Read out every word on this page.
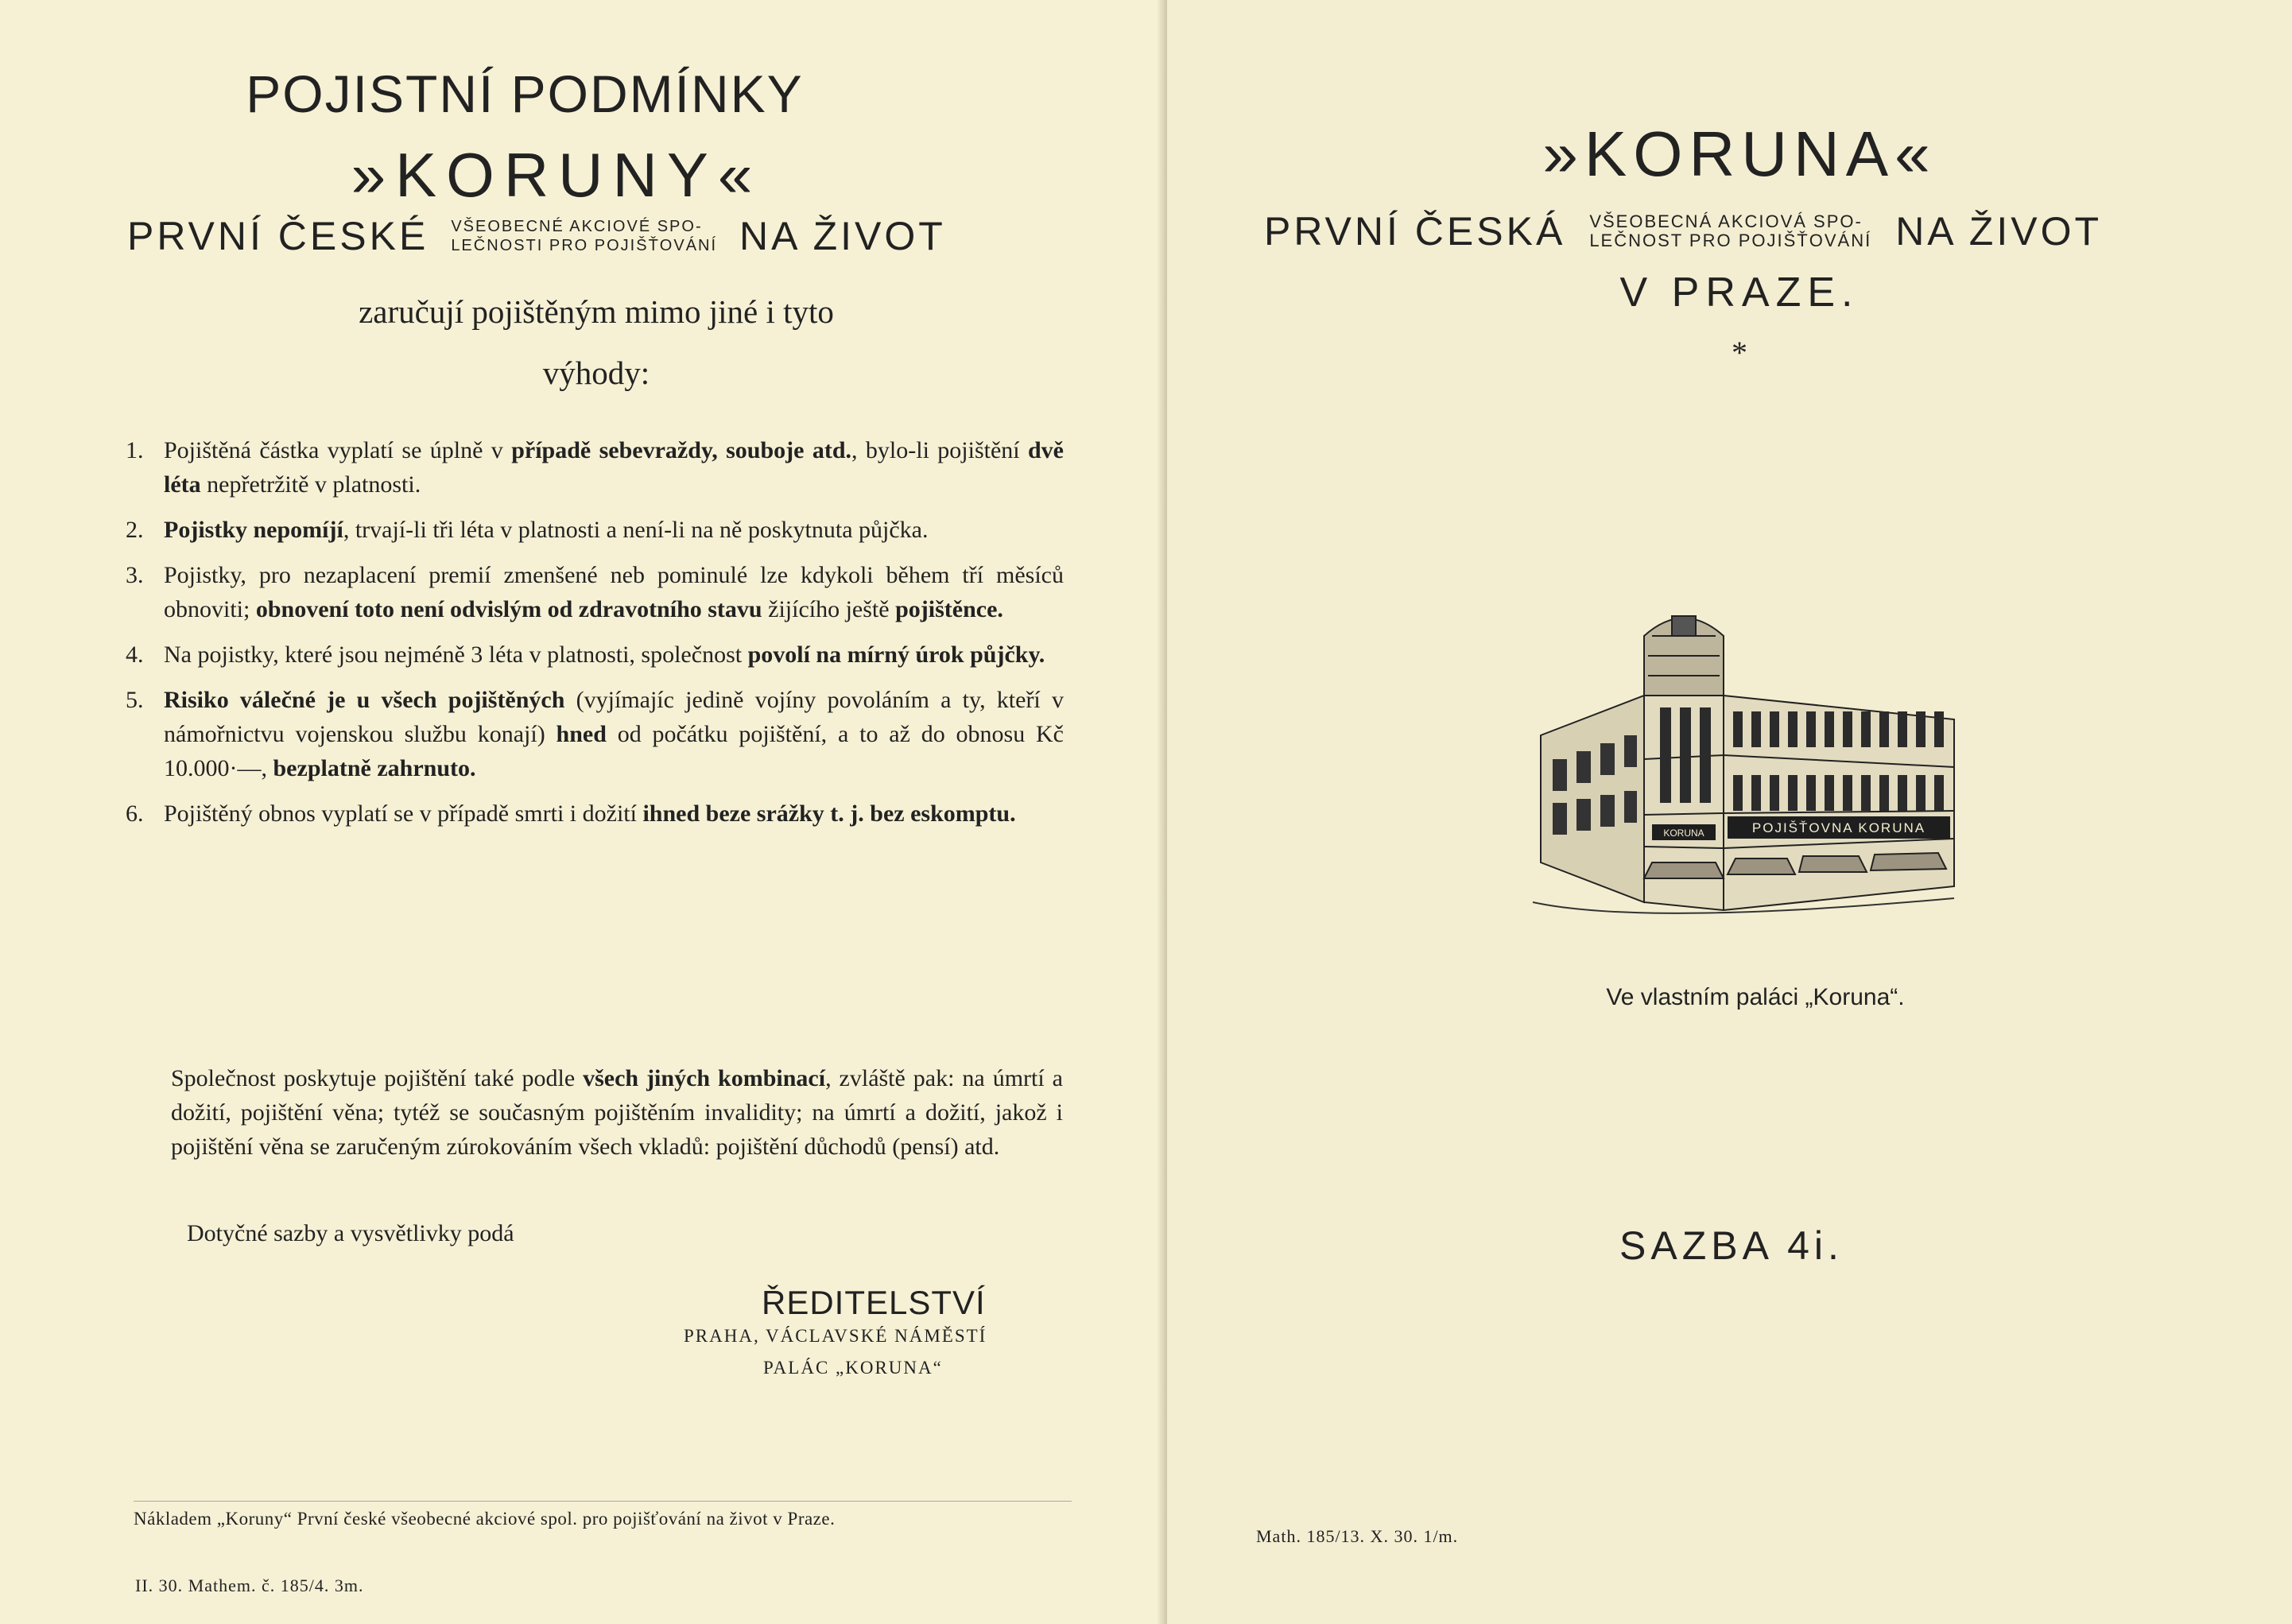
POJISTNÍ PODMÍNKY
»KORUNY«
PRVNÍ ČESKÉ VŠEOBECNÉ AKCIOVÉ SPO-
LEČNOSTI PRO POJIŠŤOVÁNÍ NA ŽIVOT
zaručují pojištěným mimo jiné i tyto
výhody:
1. Pojištěná částka vyplatí se úplně v případě sebevraždy, souboje atd., bylo-li pojištění dvě léta nepřetržitě v platnosti.
2. Pojistky nepomíjí, trvají-li tři léta v platnosti a není-li na ně poskytnuta půjčka.
3. Pojistky, pro nezaplacení premií zmenšené neb pominulé lze kdykoli během tří měsíců obnoviti; obnovení toto není odvislým od zdravotního stavu žijícího ještě pojištěnce.
4. Na pojistky, které jsou nejméně 3 léta v platnosti, společnost povolí na mírný úrok půjčky.
5. Risiko válečné je u všech pojištěných (vyjímajíc jedině vojíny povoláním a ty, kteří v námořnictvu vojenskou službu konají) hned od počátku pojištění, a to až do obnosu Kč 10.000·—, bezplatně zahrnuto.
6. Pojištěný obnos vyplatí se v případě smrti i dožití ihned beze srážky t. j. bez eskomptu.
Společnost poskytuje pojištění také podle všech jiných kombinací, zvláště pak: na úmrtí a dožití, pojištění věna; tytéž se současným pojištěním invalidity; na úmrtí a dožití, jakož i pojištění věna se zaručeným zúrokováním všech vkladů: pojištění důchodů (pensí) atd.
Dotyčné sazby a vysvětlivky podá
ŘEDITELSTVÍ
PRAHA, VÁCLAVSKÉ NÁMĚSTÍ
PALÁC „KORUNA“
Nákladem „Koruny“ První české všeobecné akciové spol. pro pojišťování na život v Praze.
II. 30. Mathem. č. 185/4. 3m.
»KORUNA«
PRVNÍ ČESKÁ VŠEOBECNÁ AKCIOVÁ SPO-
LEČNOST PRO POJIŠŤOVÁNÍ NA ŽIVOT
V PRAZE.
*
POJIŠŤOVNA KORUNA
KORUNA
Ve vlastním paláci „Koruna“.
SAZBA 4i.
Math. 185/13. X. 30. 1/m.
